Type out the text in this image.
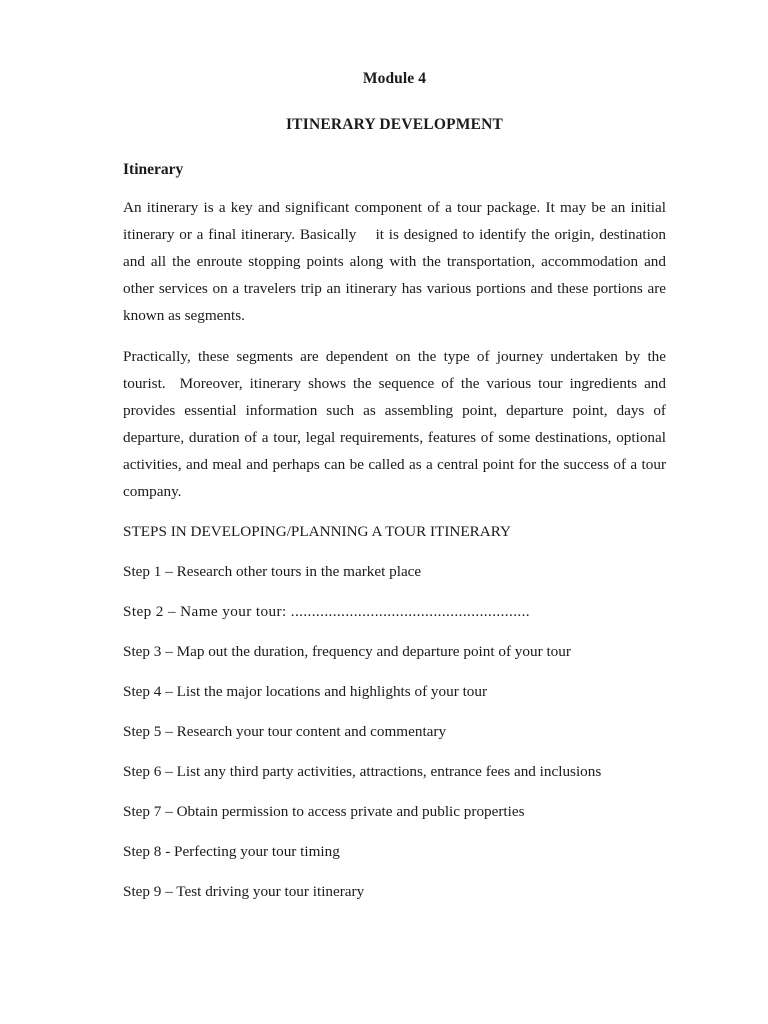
Module 4
ITINERARY DEVELOPMENT
Itinerary

An itinerary is a key and significant component of a tour package. It may be an initial itinerary or a final itinerary. Basically    it is designed to identify the origin, destination and all the enroute stopping points along with the transportation, accommodation and other services on a travelers trip an itinerary has various portions and these portions are known as segments.

Practically, these segments are dependent on the type of journey undertaken by the tourist.  Moreover, itinerary shows the sequence of the various tour ingredients and provides essential information such as assembling point, departure point, days of departure, duration of a tour, legal requirements, features of some destinations, optional activities, and meal and perhaps can be called as a central point for the success of a tour company.

STEPS IN DEVELOPING/PLANNING A TOUR ITINERARY

Step 1 – Research other tours in the market place

Step 2 – Name your tour: .........................................................

Step 3 – Map out the duration, frequency and departure point of your tour

Step 4 – List the major locations and highlights of your tour

Step 5 – Research your tour content and commentary

Step 6 – List any third party activities, attractions, entrance fees and inclusions

Step 7 – Obtain permission to access private and public properties

Step 8 - Perfecting your tour timing

Step 9 – Test driving your tour itinerary
